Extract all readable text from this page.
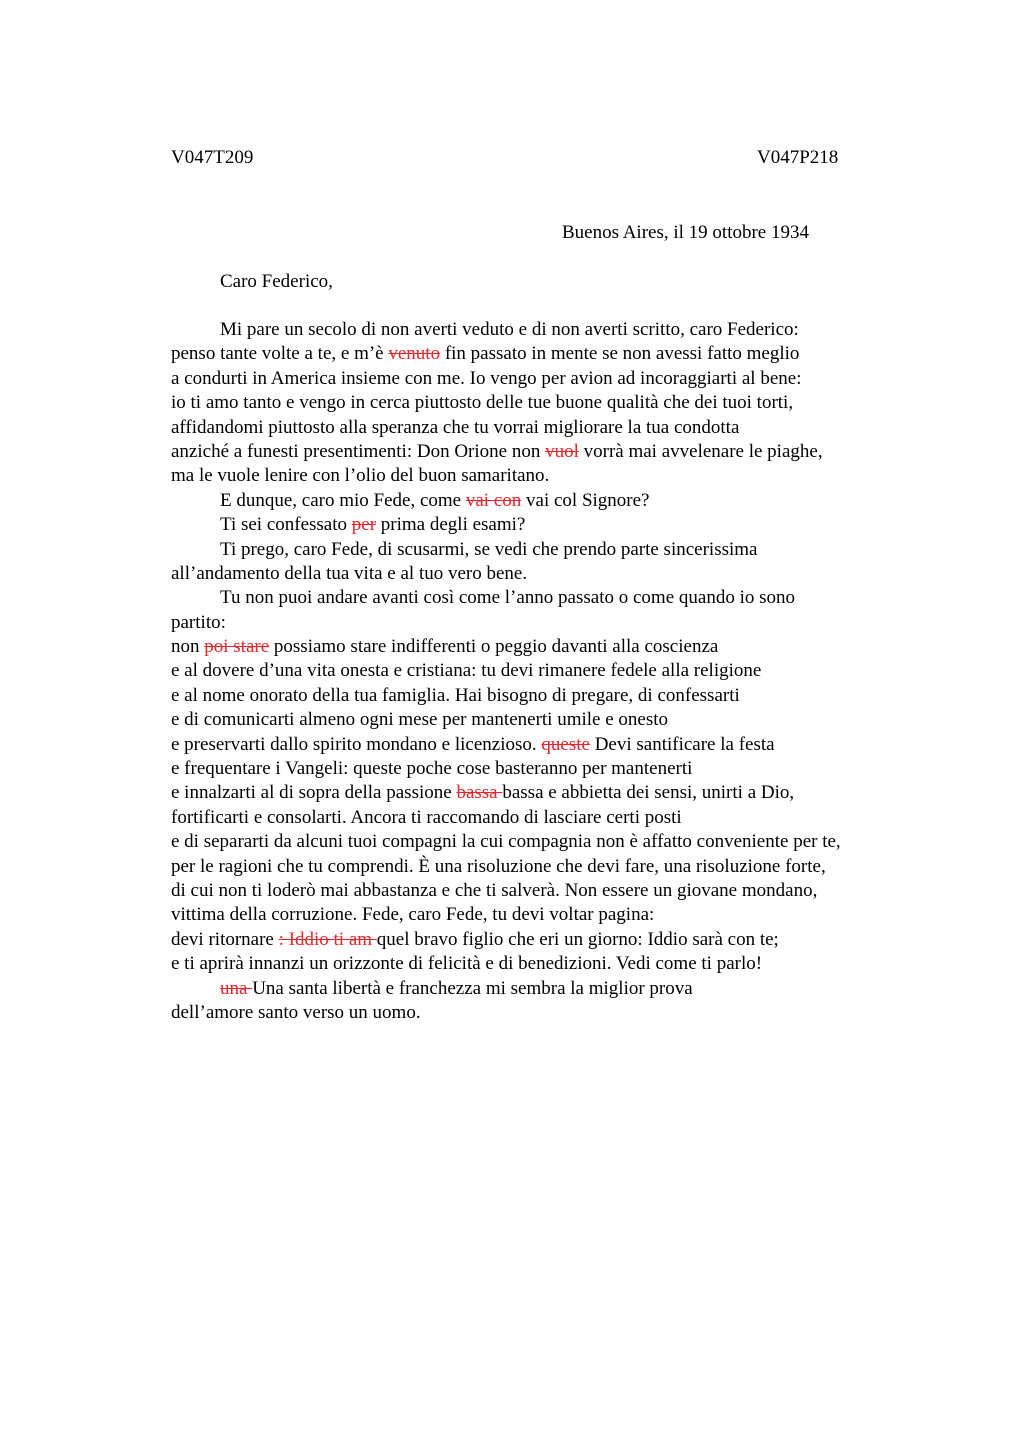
V047T209	V047P218
Buenos Aires, il 19 ottobre 1934
Caro Federico,
Mi pare un secolo di non averti veduto e di non averti scritto, caro Federico:
penso tante volte a te, e m’è venuto fin passato in mente se non avessi fatto meglio
a condurti in America insieme con me. Io vengo per avion ad incoraggiarti al bene:
io ti amo tanto e vengo in cerca piuttosto delle tue buone qualità che dei tuoi torti,
affidandomi piuttosto alla speranza che tu vorrai migliorare la tua condotta
anziché a funesti presentimenti: Don Orione non vuol vorrà mai avvelenare le piaghe,
ma le vuole lenire con l’olio del buon samaritano.
E dunque, caro mio Fede, come vai con vai col Signore?
Ti sei confessato per prima degli esami?
Ti prego, caro Fede, di scusarmi, se vedi che prendo parte sincerissima
all’andamento della tua vita e al tuo vero bene.
Tu non puoi andare avanti così come l’anno passato o come quando io sono
partito:
non poi stare possiamo stare indifferenti o peggio davanti alla coscienza
e al dovere d’una vita onesta e cristiana: tu devi rimanere fedele alla religione
e al nome onorato della tua famiglia. Hai bisogno di pregare, di confessarti
e di comunicarti almeno ogni mese per mantenerti umile e onesto
e preservarti dallo spirito mondano e licenzioso. queste Devi santificare la festa
e frequentare i Vangeli: queste poche cose basteranno per mantenerti
e innalzarti al di sopra della passione bassa bassa e abbietta dei sensi, unirti a Dio,
fortificarti e consolarti. Ancora ti raccomando di lasciare certi posti
e di separarti da alcuni tuoi compagni la cui compagnia non è affatto conveniente per te,
per le ragioni che tu comprendi. È una risoluzione che devi fare, una risoluzione forte,
di cui non ti loderò mai abbastanza e che ti salverà. Non essere un giovane mondano,
vittima della corruzione. Fede, caro Fede, tu devi voltar pagina:
devi ritornare : Iddio ti am quel bravo figlio che eri un giorno: Iddio sarà con te;
e ti aprirà innanzi un orizzonte di felicità e di benedizioni. Vedi come ti parlo!
una Una santa libertà e franchezza mi sembra la miglior prova
dell’amore santo verso un uomo.
